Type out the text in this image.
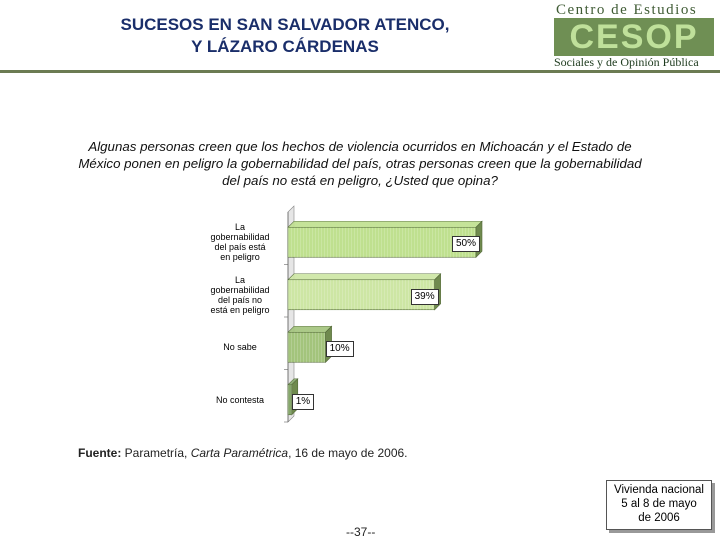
SUCESOS EN SAN SALVADOR ATENCO,
Y LÁZARO CÁRDENAS
Centro de Estudios
CESOP
Sociales y de Opinión Pública
Algunas personas creen que los hechos de violencia ocurridos en Michoacán y el Estado de México ponen en peligro la gobernabilidad del país, otras personas creen que la gobernabilidad del país no está en peligro, ¿Usted que opina?
La
gobernabilidad
del país está
en peligro
La
gobernabilidad
del país no
está en peligro
No sabe
No contesta
50%
39%
10%
1%
Fuente: Parametría, Carta Paramétrica, 16 de mayo de 2006.
Vivienda nacional
5 al 8 de mayo
de 2006
--37--
